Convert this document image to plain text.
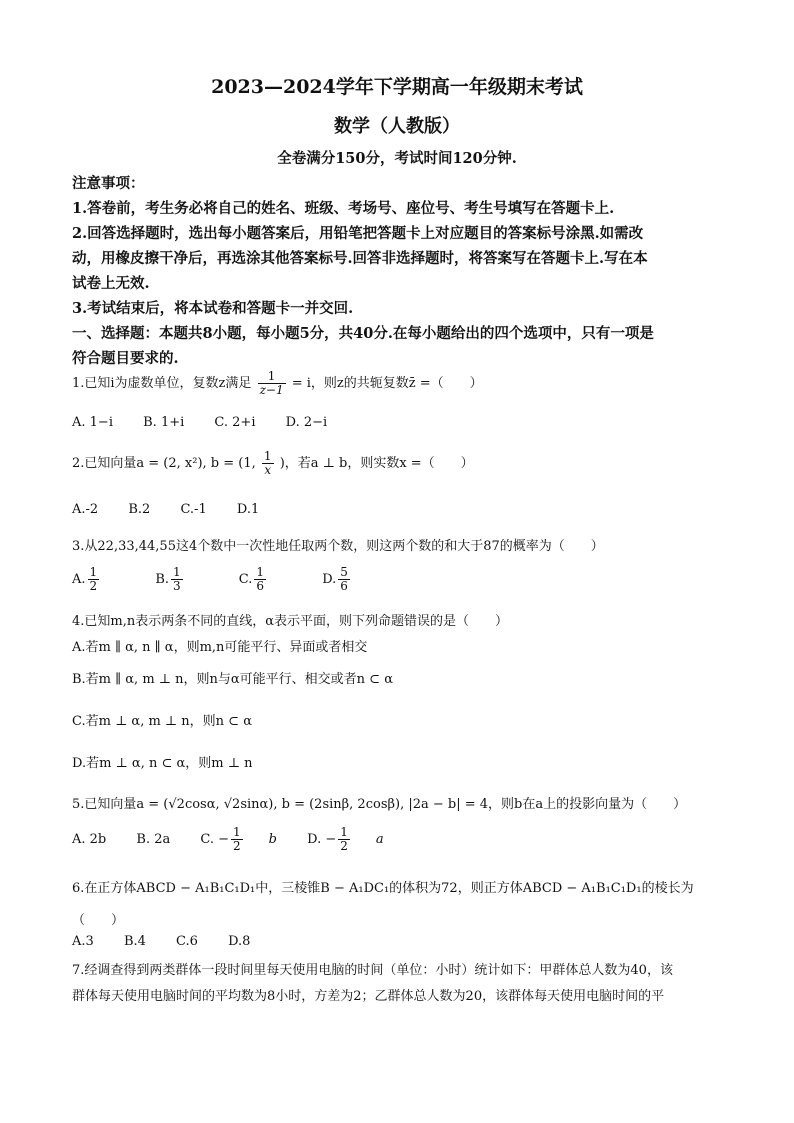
2023—2024学年下学期高一年级期末考试
数学（人教版）
全卷满分150分，考试时间120分钟.
注意事项：
1.答卷前，考生务必将自己的姓名、班级、考场号、座位号、考生号填写在答题卡上.
2.回答选择题时，选出每小题答案后，用铅笔把答题卡上对应题目的答案标号涂黑.如需改
动，用橡皮擦干净后，再选涂其他答案标号.回答非选择题时，将答案写在答题卡上.写在本
试卷上无效.
3.考试结束后，将本试卷和答题卡一并交回.
一、选择题：本题共8小题，每小题5分，共40分.在每小题给出的四个选项中，只有一项是
符合题目要求的.
1.已知i为虚数单位，复数z满足 $\frac{1}{z-1} = i$，则z的共轭复数z̄ =（　　）
A. 1−i B. 1+i C. 2+i D. 2−i
2.已知向量a = (2, x²), b = (1, $\frac{1}{x}$ )，若a ⊥ b，则实数x =（　　）
A.-2 B.2 C.-1 D.1
3.从22,33,44,55这4个数中一次性地任取两个数，则这两个数的和大于87的概率为（　　）
A. $\frac{1}{2} B$. $\frac{1}{3} C$. $\frac{1}{6} D$. $\frac{5}{6}$
4.已知m,n表示两条不同的直线，α表示平面，则下列命题错误的是（　　）
A.若m ∥ α, n ∥ α，则m,n可能平行、异面或者相交
B.若m ∥ α, m ⊥ n，则n与α可能平行、相交或者n ⊂ α
C.若m ⊥ α, m ⊥ n，则n ⊂ α
D.若m ⊥ α, n ⊂ α，则m ⊥ n
5.已知向量a = (√2cosα, √2sinα), b = (2sinβ, 2cosβ), |2a − b| = 4，则b在a上的投影向量为（　　）
A. 2b B. 2a C. − $\frac{1}{2}$ b D. − $\frac{1}{2}$ a
6.在正方体ABCD − A₁B₁C₁D₁中，三棱锥B − A₁DC₁的体积为72，则正方体ABCD − A₁B₁C₁D₁的棱长为
（　　）
A.3 B.4 C.6 D.8
7.经调查得到两类群体一段时间里每天使用电脑的时间（单位：小时）统计如下：甲群体总人数为40，该
群体每天使用电脑时间的平均数为8小时，方差为2；乙群体总人数为20，该群体每天使用电脑时间的平
